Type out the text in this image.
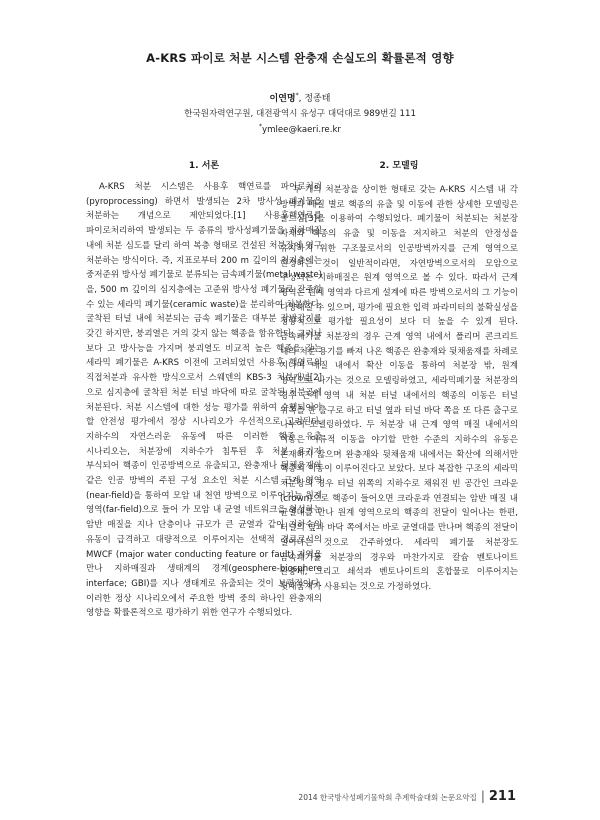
A-KRS 파이로 처분 시스템 완충재 손실도의 확률론적 영향
이연명*, 정종태
한국원자력연구원, 대전광역시 유성구 대덕대로 989번길 111
*ymlee@kaeri.re.kr
1. 서론	2. 모델링

A-KRS 처분 시스템은 사용후 핵연료를 파이로처리(pyroprocessing) 하면서 발생되는 2차 방사성 폐기물을 처분하는 개념으로 제안되었다.[1] 사용후핵연료를 파이로처리하여 발생되는 두 종류의 방사성폐기물을 지하매질 내에 처분 심도를 달리 하여 복층 형태로 건설된 처분장에 영구 처분하는 방식이다. 즉, 지표로부터 200 m 깊이의 천지층에는 중저준위 방사성 폐기물로 분류되는 금속폐기물(metal waste)을, 500 m 깊이의 심지층에는 고준위 방사성 폐기물로 간주할 수 있는 세라믹 폐기물(ceramic waste)을 분리하여 처분한다. 굴착된 터널 내에 처분되는 금속 폐기물은 대부분 장반감기를 갖긴 하지만, 붕괴열은 거의 갖지 않는 핵종을 함유한다. 그러나 보다 고 방사능을 가지며 붕괴열도 비교적 높은 핵종을 갖는 세라믹 폐기물은 A-KRS 이전에 고려되었던 사용후 핵연료의 직접처분과 유사한 방식으로서 스웨덴의 KBS-3 처분개념[2]으로 심지층에 굴착된 처분 터널 바닥에 따로 굴착된 처분공에 처분된다. 처분 시스템에 대한 성능 평가를 위하여 수행되어야 할 안전성 평가에서 정상 시나리오가 우선적으로 고려된다. 지하수의 자연스러운 유동에 따른 이러한 핵종 유출 시나리오는, 처분장에 지하수가 침투된 후 처분 용기가 부식되어 핵종이 인공방벽으로 유출되고, 완충재나 뒷채움재와 같은 인공 방벽의 주된 구성 요소인 처분 시스템 근계 영역(near-field)을 통하여 모암 내 천연 방벽으로 이루어지는 원계 영역(far-field)으로 들어 가 모암 내 균열 네트워크을 형성하는 암반 매질을 지나 단층이나 규모가 큰 균열과 같이 지하수의 유동이 급격하고 대량적으로 이루어지는 선택적 경로로서의 MWCF (major water conducting feature or fault) 지역을 만나 지하매질과 생태계의 경계(geosphere-biosphere interface; GBI)를 지나 생태계로 유출되는 것이 보편적이다. 이러한 정상 시나리오에서 주요한 방벽 중의 하나인 완충재의 영향을 확률론적으로 평가하기 위한 연구가 수행되었다.

두 개의 처분장을 상이한 형태로 갖는 A-KRS 시스템 내 각 방벽과 매질 별로 핵종의 유출 및 이동에 관한 상세한 모델링은 골드심[3]을 이용하여 수행되었다. 폐기물이 처분되는 처분장 자체와 핵종의 유출 및 이동을 저지하고 처분의 안정성을 유지하기 위한 구조물로서의 인공방벽까지를 근계 영역으로 한정하는 것이 일반적이라면, 자연방벽으로서의 모암으로 구성되는 지하매질은 원계 영역으로 볼 수 있다. 따라서 근계 영역은 원계 영역과 다르게 설계에 따른 방벽으로서의 그 기능이 다양해질 수 있으며, 평가에 필요한 입력 파라미터의 불확실성을 정량적으로 평가할 필요성이 보다 더 높을 수 있게 된다. 금속폐기물 처분장의 경우 근계 영역 내에서 폴리머 콘크리트 내의 처분 용기를 빠져 나온 핵종은 완충재와 뒷채움재를 차례로 지나며 매질 내에서 확산 이동을 통하여 처분장 밖, 원계 영역으로 나가는 것으로 모델링하였고, 세라믹폐기물 처분장의 경우 근계 영역 내 처분 터널 내에서의 핵종의 이동은 터널 위쪽을 한 출구로 하고 터널 옆과 터널 바닥 쪽을 또 다른 출구로 나누어 모델링하였다. 두 처분장 내 근계 영역 매질 내에서의 이동은 이류적 이동을 야기할 만한 수준의 지하수의 유동은 존재하지 않으며 완충재와 뒷채움재 내에서는 확산에 의해서만 핵종의 이동이 이루어진다고 보았다. 보다 복잡한 구조의 세라믹 처분장의 경우 터널 위쪽의 지하수로 채워진 빈 공간인 크라운 (crown)으로 핵종이 들어오면 크라운과 연결되는 암반 매질 내 균열대를 만나 원계 영역으로의 핵종의 전달이 일어나는 한편, 터널의 옆과 바닥 쪽에서는 바로 균열대를 만나며 핵종의 전달이 일어나는 것으로 간주하였다. 세라믹 폐기물 처분장도 금속폐기물 처분장의 경우와 마찬가지로 칼슘 벤토나이트 완충재, 그리고 쇄석과 벤토나이트의 혼합물로 이루어지는 뒷채움재가 사용되는 것으로 가정하였다.

2014 한국방사성폐기물학회 추계학술대회 논문요약집 | 211
